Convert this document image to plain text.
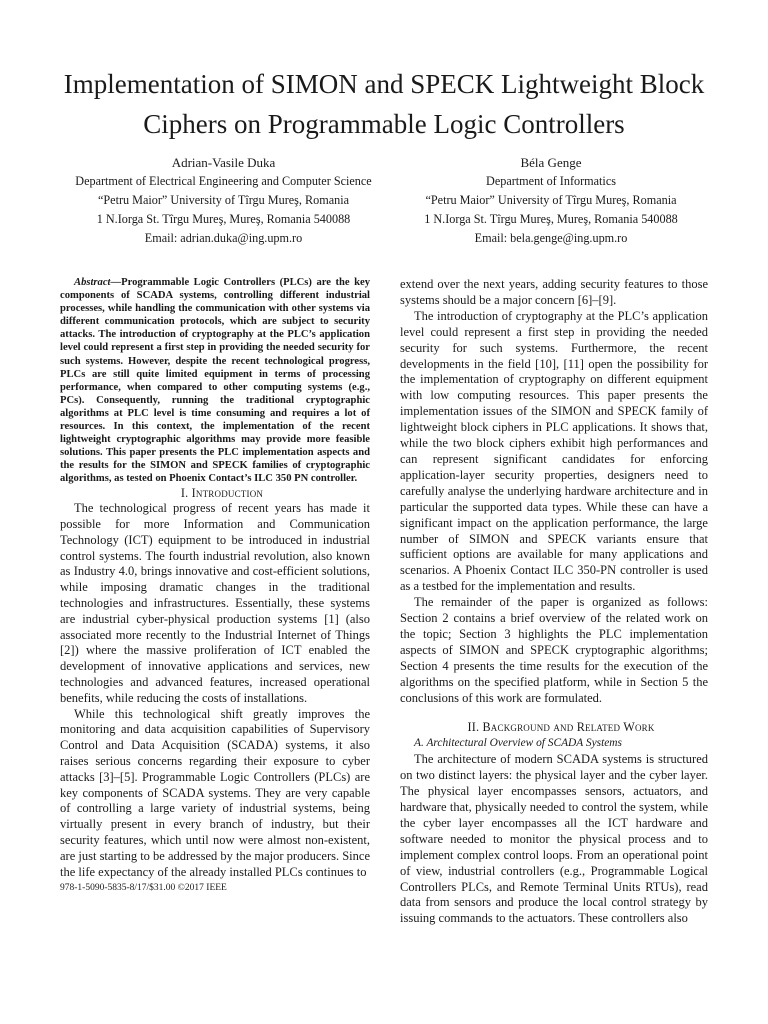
Implementation of SIMON and SPECK Lightweight Block Ciphers on Programmable Logic Controllers
Adrian-Vasile Duka
Department of Electrical Engineering and Computer Science
“Petru Maior” University of Tîrgu Mureş, Romania
1 N.Iorga St. Tîrgu Mureş, Mureş, Romania 540088
Email: adrian.duka@ing.upm.ro
Béla Genge
Department of Informatics
“Petru Maior” University of Tîrgu Mureş, Romania
1 N.Iorga St. Tîrgu Mureş, Mureş, Romania 540088
Email: bela.genge@ing.upm.ro

Abstract—Programmable Logic Controllers (PLCs) are the key components of SCADA systems, controlling different industrial processes, while handling the communication with other systems via different communication protocols, which are subject to security attacks. The introduction of cryptography at the PLC’s application level could represent a first step in providing the needed security for such systems. However, despite the recent technological progress, PLCs are still quite limited equipment in terms of processing performance, when compared to other computing systems (e.g., PCs). Consequently, running the traditional cryptographic algorithms at PLC level is time consuming and requires a lot of resources. In this context, the implementation of the recent lightweight cryptographic algorithms may provide more feasible solutions. This paper presents the PLC implementation aspects and the results for the SIMON and SPECK families of cryptographic algorithms, as tested on Phoenix Contact’s ILC 350 PN controller.

I. Introduction

The technological progress of recent years has made it possible for more Information and Communication Technology (ICT) equipment to be introduced in industrial control systems. The fourth industrial revolution, also known as Industry 4.0, brings innovative and cost-efficient solutions, while imposing dramatic changes in the traditional technologies and infrastructures. Essentially, these systems are industrial cyber-physical production systems [1] (also associated more recently to the Industrial Internet of Things [2]) where the massive proliferation of ICT enabled the development of innovative applications and services, new technologies and advanced features, increased operational benefits, while reducing the costs of installations.

While this technological shift greatly improves the monitoring and data acquisition capabilities of Supervisory Control and Data Acquisition (SCADA) systems, it also raises serious concerns regarding their exposure to cyber attacks [3]–[5]. Programmable Logic Controllers (PLCs) are key components of SCADA systems. They are very capable of controlling a large variety of industrial systems, being virtually present in every branch of industry, but their security features, which until now were almost non-existent, are just starting to be addressed by the major producers. Since the life expectancy of the already installed PLCs continues to

extend over the next years, adding security features to those systems should be a major concern [6]–[9].

The introduction of cryptography at the PLC’s application level could represent a first step in providing the needed security for such systems. Furthermore, the recent developments in the field [10], [11] open the possibility for the implementation of cryptography on different equipment with low computing resources. This paper presents the implementation issues of the SIMON and SPECK family of lightweight block ciphers in PLC applications. It shows that, while the two block ciphers exhibit high performances and can represent significant candidates for enforcing application-layer security properties, designers need to carefully analyse the underlying hardware architecture and in particular the supported data types. While these can have a significant impact on the application performance, the large number of SIMON and SPECK variants ensure that sufficient options are available for many applications and scenarios. A Phoenix Contact ILC 350-PN controller is used as a testbed for the implementation and results.

The remainder of the paper is organized as follows: Section 2 contains a brief overview of the related work on the topic; Section 3 highlights the PLC implementation aspects of SIMON and SPECK cryptographic algorithms; Section 4 presents the time results for the execution of the algorithms on the specified platform, while in Section 5 the conclusions of this work are formulated.

II. Background and Related Work

A. Architectural Overview of SCADA Systems

The architecture of modern SCADA systems is structured on two distinct layers: the physical layer and the cyber layer. The physical layer encompasses sensors, actuators, and hardware that, physically needed to control the system, while the cyber layer encompasses all the ICT hardware and software needed to monitor the physical process and to implement complex control loops. From an operational point of view, industrial controllers (e.g., Programmable Logical Controllers PLCs, and Remote Terminal Units RTUs), read data from sensors and produce the local control strategy by issuing commands to the actuators. These controllers also

978-1-5090-5835-8/17/$31.00 ©2017 IEEE
